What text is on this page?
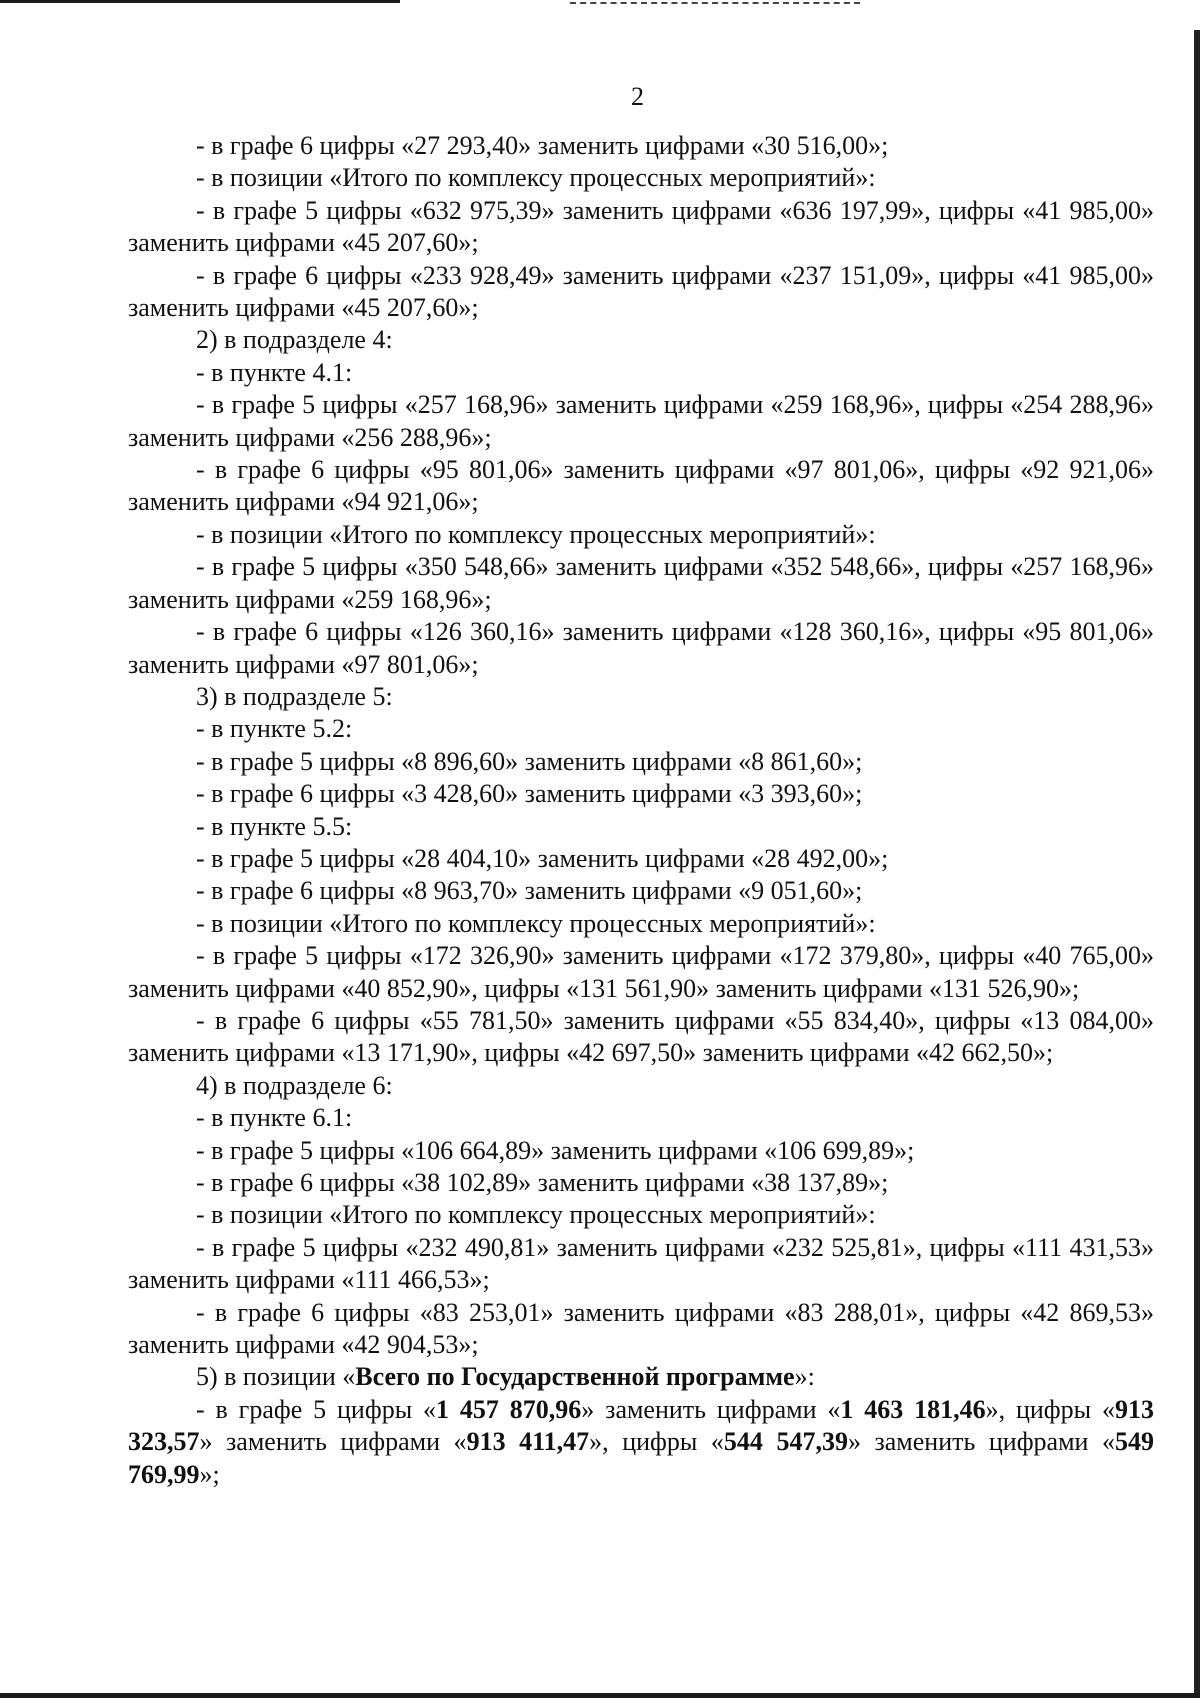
2

- в графе 6 цифры «27 293,40» заменить цифрами «30 516,00»;

- в позиции «Итого по комплексу процессных мероприятий»:

- в графе 5 цифры «632 975,39» заменить цифрами «636 197,99», цифры «41 985,00» заменить цифрами «45 207,60»;

- в графе 6 цифры «233 928,49» заменить цифрами «237 151,09», цифры «41 985,00» заменить цифрами «45 207,60»;

2) в подразделе 4:

- в пункте 4.1:

- в графе 5 цифры «257 168,96» заменить цифрами «259 168,96», цифры «254 288,96» заменить цифрами «256 288,96»;

- в графе 6 цифры «95 801,06» заменить цифрами «97 801,06», цифры «92 921,06» заменить цифрами «94 921,06»;

- в позиции «Итого по комплексу процессных мероприятий»:

- в графе 5 цифры «350 548,66» заменить цифрами «352 548,66», цифры «257 168,96» заменить цифрами «259 168,96»;

- в графе 6 цифры «126 360,16» заменить цифрами «128 360,16», цифры «95 801,06» заменить цифрами «97 801,06»;

3) в подразделе 5:

- в пункте 5.2:

- в графе 5 цифры «8 896,60» заменить цифрами «8 861,60»;

- в графе 6 цифры «3 428,60» заменить цифрами «3 393,60»;

- в пункте 5.5:

- в графе 5 цифры «28 404,10» заменить цифрами «28 492,00»;

- в графе 6 цифры «8 963,70» заменить цифрами «9 051,60»;

- в позиции «Итого по комплексу процессных мероприятий»:

- в графе 5 цифры «172 326,90» заменить цифрами «172 379,80», цифры «40 765,00» заменить цифрами «40 852,90», цифры «131 561,90» заменить цифрами «131 526,90»;

- в графе 6 цифры «55 781,50» заменить цифрами «55 834,40», цифры «13 084,00» заменить цифрами «13 171,90», цифры «42 697,50» заменить цифрами «42 662,50»;

4) в подразделе 6:

- в пункте 6.1:

- в графе 5 цифры «106 664,89» заменить цифрами «106 699,89»;

- в графе 6 цифры «38 102,89» заменить цифрами «38 137,89»;

- в позиции «Итого по комплексу процессных мероприятий»:

- в графе 5 цифры «232 490,81» заменить цифрами «232 525,81», цифры «111 431,53» заменить цифрами «111 466,53»;

- в графе 6 цифры «83 253,01» заменить цифрами «83 288,01», цифры «42 869,53» заменить цифрами «42 904,53»;

5) в позиции «Всего по Государственной программе»:

- в графе 5 цифры «1 457 870,96» заменить цифрами «1 463 181,46», цифры «913 323,57» заменить цифрами «913 411,47», цифры «544 547,39» заменить цифрами «549 769,99»;
